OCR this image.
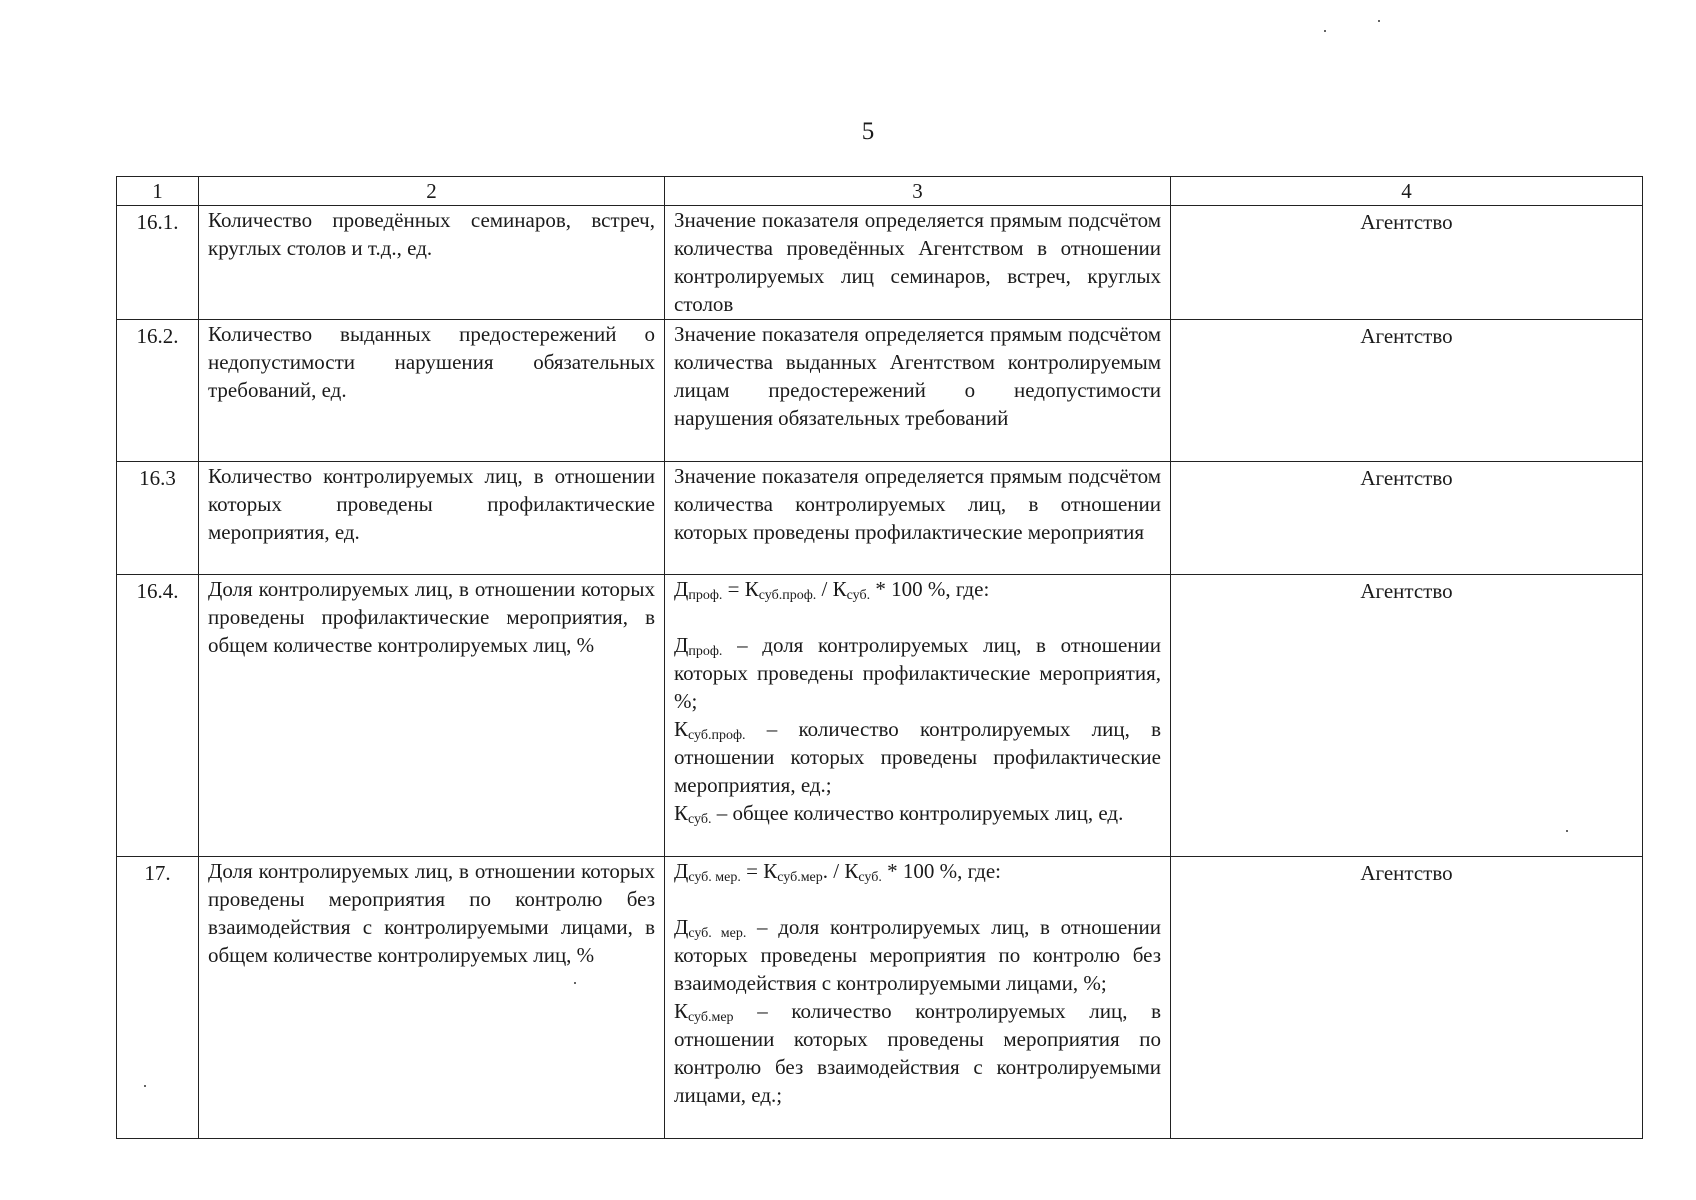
5
1	2	3	4
16.1.	Количество проведённых семинаров, встреч, круглых столов и т.д., ед.	Значение показателя определяется прямым подсчётом количества проведённых Агентством в отношении контролируемых лиц семинаров, встреч, круглых столов	Агентство
16.2.	Количество выданных предостережений о недопустимости нарушения обязательных требований, ед.	Значение показателя определяется прямым подсчётом количества выданных Агентством контролируемым лицам предостережений о недопустимости нарушения обязательных требований	Агентство
16.3	Количество контролируемых лиц, в отношении которых проведены профилактические мероприятия, ед.	Значение показателя определяется прямым подсчётом количества контролируемых лиц, в отношении которых проведены профилактические мероприятия	Агентство
16.4.	Доля контролируемых лиц, в отношении которых проведены профилактические мероприятия, в общем количестве контролируемых лиц, %	$Д_{проф.} = К_{суб.проф.} / К_{суб.} * 100$ %, где:
$Д_{проф.}$ – доля контролируемых лиц, в отношении которых проведены профилактические мероприятия, %;
$К_{суб.проф.}$ – количество контролируемых лиц, в отношении которых проведены профилактические мероприятия, ед.;
$К_{суб.}$ – общее количество контролируемых лиц, ед.	Агентство
17.	Доля контролируемых лиц, в отношении которых проведены мероприятия по контролю без взаимодействия с контролируемыми лицами, в общем количестве контролируемых лиц, %	$Д_{суб. мер.} = К_{суб.мер}$. / $К_{суб.} * 100$ %, где:
$Д_{суб. мер.}$ – доля контролируемых лиц, в отношении которых проведены мероприятия по контролю без взаимодействия с контролируемыми лицами, %;
$К_{суб.мер}$ – количество контролируемых лиц, в отношении которых проведены мероприятия по контролю без взаимодействия с контролируемыми лицами, ед.;	Агентство
